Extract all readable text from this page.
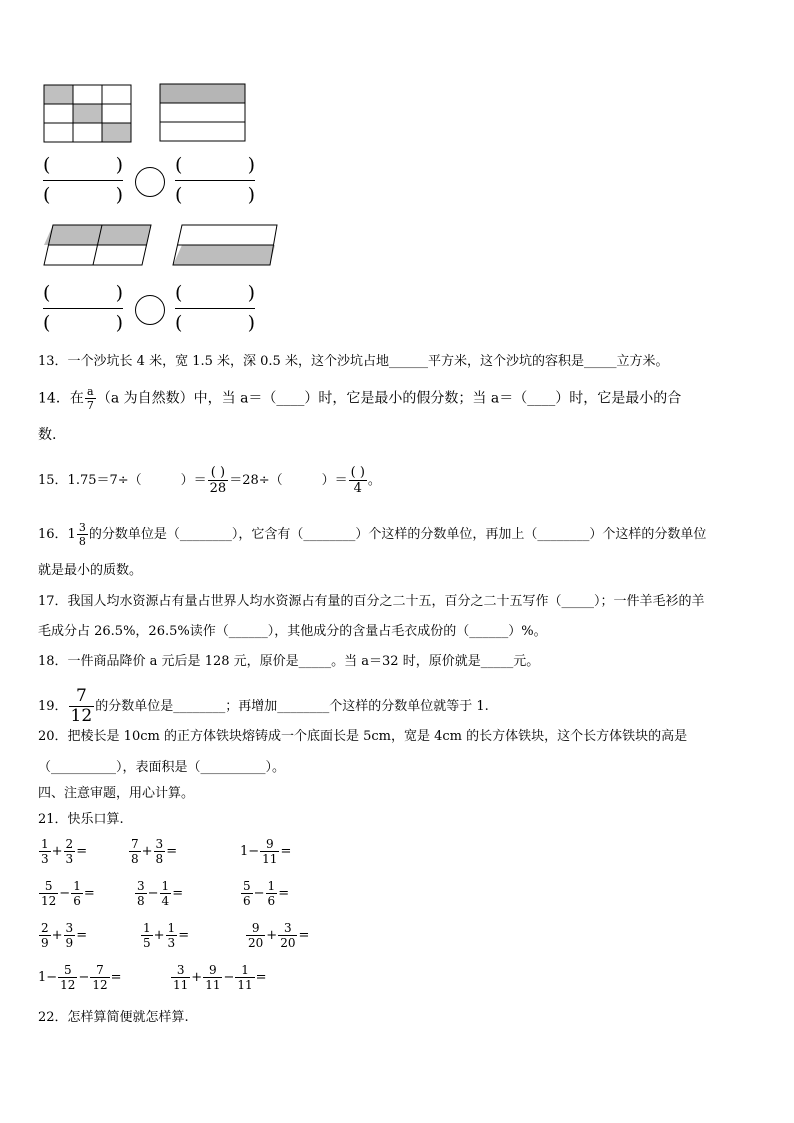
(	)
(	)
(	)
(	)
(	)
(	)
(	)
(	)
13．一个沙坑长 4 米，宽 1.5 米，深 0.5 米，这个沙坑占地______平方米，这个沙坑的容积是_____立方米。
14．在 $\frac{a}{7} (a$ 为自然数）中，当 a＝（____）时，它是最小的假分数；当 a＝（____）时，它是最小的合
数.
15．1.75＝7÷（　　　）＝ $\frac{( )}{28} =28\div$（　　　）＝ $\frac{( )}{4}$ 。
16．$1 \frac{3}{8}$ 的分数单位是（________），它含有（________）个这样的分数单位，再加上（________）个这样的分数单位
就是最小的质数。
17．我国人均水资源占有量占世界人均水资源占有量的百分之二十五，百分之二十五写作（_____）；一件羊毛衫的羊
毛成分占 26.5%，26.5%读作（______），其他成分的含量占毛衣成份的（______）%。
18．一件商品降价 a 元后是 128 元，原价是_____。当 a＝32 时，原价就是_____元。
19． $\frac{7}{12}$ 的分数单位是________；再增加________个这样的分数单位就等于 1.
20．把棱长是 10cm 的正方体铁块熔铸成一个底面长是 5cm，宽是 4cm 的长方体铁块，这个长方体铁块的高是
（__________），表面积是（__________）。
四、注意审题，用心计算。
21．快乐口算.
$\frac{1}{3} + \frac{2}{3}$ =	$\frac{7}{8} + \frac{3}{8}$ =	$1- \frac{9}{11}$ =
$\frac{5}{12} - \frac{1}{6}$ =	$\frac{3}{8} - \frac{1}{4}$ =	$\frac{5}{6} - \frac{1}{6}$ =
$\frac{2}{9} + \frac{3}{9}$ =	$\frac{1}{5} + \frac{1}{3}$ =	$\frac{9}{20} + \frac{3}{20}$ =
$1- \frac{5}{12} - \frac{7}{12}$ =	$\frac{3}{11} + \frac{9}{11} - \frac{1}{11}$ =
22．怎样算简便就怎样算.
